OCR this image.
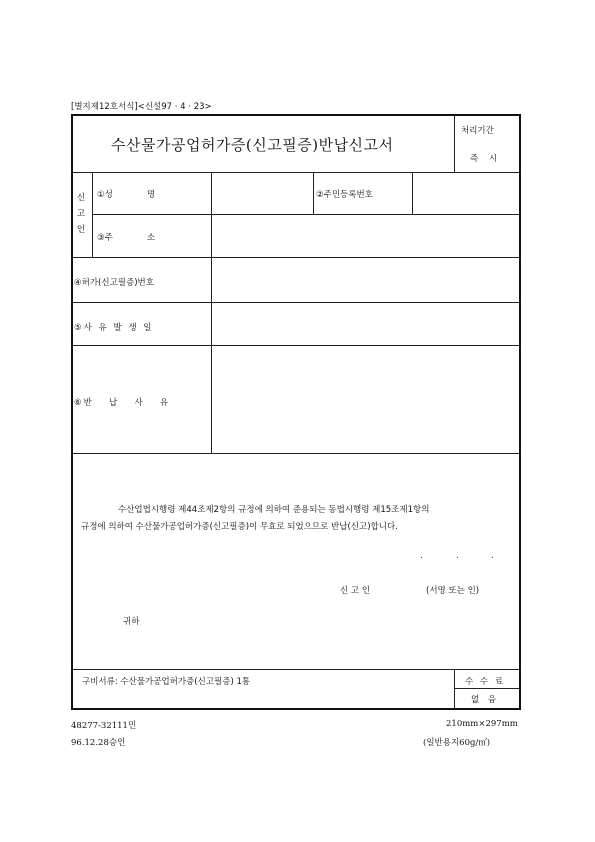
[별지제12호서식]<신설97 · 4 · 23>
수산물가공업허가증(신고필증)반납신고서
처리기간
즉 시
신
고
인
①성　　　　명	②주민등록번호
③주　　　　소
④허가(신고필증)번호
⑤사 유 발 생 일
⑥반　 납　 사　 유
수산업법시행령 제44조제2항의 규정에 의하여 준용되는 동법시행령 제15조제1항의
규정에 의하여 수산물가공업허가증(신고필증)이 무효로 되었으므로 반납(신고)합니다.
.	.	.
신 고 인	(서명 또는 인)
귀하
구비서류: 수산물가공업허가증(신고필증) 1통	수 수 료
없 음
48277-32111민
96.12.28승인
210mm×297mm
(일반용지60g/㎡)
